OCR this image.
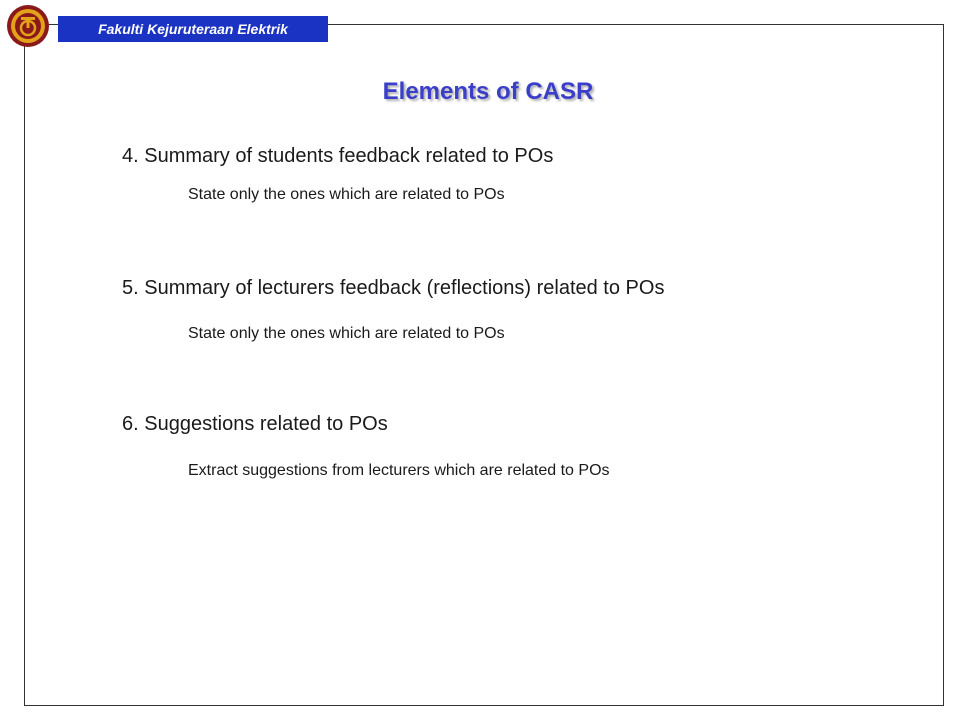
Fakulti Kejuruteraan Elektrik
Elements of CASR
4. Summary of students feedback related to POs
State only the ones which are related to POs
5. Summary of lecturers feedback (reflections) related to POs
State only the ones which are related to POs
6. Suggestions related to POs
Extract suggestions from lecturers which are related to POs
